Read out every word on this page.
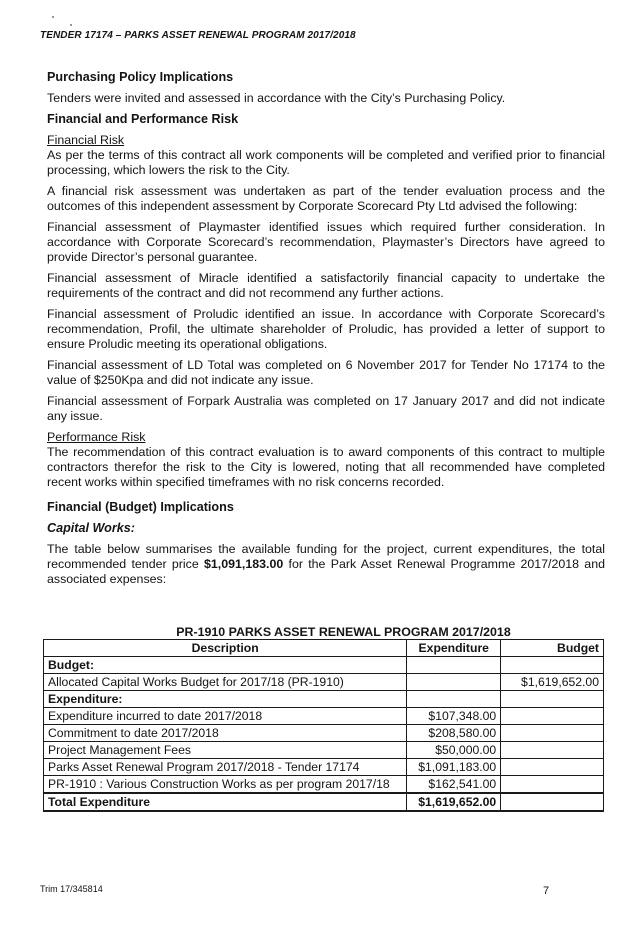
TENDER 17174 – PARKS ASSET RENEWAL PROGRAM 2017/2018
Purchasing Policy Implications

Tenders were invited and assessed in accordance with the City’s Purchasing Policy.

Financial and Performance Risk
Financial Risk

As per the terms of this contract all work components will be completed and verified prior to financial processing, which lowers the risk to the City.

A financial risk assessment was undertaken as part of the tender evaluation process and the outcomes of this independent assessment by Corporate Scorecard Pty Ltd advised the following:

Financial assessment of Playmaster identified issues which required further consideration. In accordance with Corporate Scorecard’s recommendation, Playmaster’s Directors have agreed to provide Director’s personal guarantee.

Financial assessment of Miracle identified a satisfactorily financial capacity to undertake the requirements of the contract and did not recommend any further actions.

Financial assessment of Proludic identified an issue. In accordance with Corporate Scorecard’s recommendation, Profil, the ultimate shareholder of Proludic, has provided a letter of support to ensure Proludic meeting its operational obligations.

Financial assessment of LD Total was completed on 6 November 2017 for Tender No 17174 to the value of $250Kpa and did not indicate any issue.

Financial assessment of Forpark Australia was completed on 17 January 2017 and did not indicate any issue.

Performance Risk

The recommendation of this contract evaluation is to award components of this contract to multiple contractors therefor the risk to the City is lowered, noting that all recommended have completed recent works within specified timeframes with no risk concerns recorded.

Financial (Budget) Implications
Capital Works:

The table below summarises the available funding for the project, current expenditures, the total recommended tender price $1,091,183.00 for the Park Asset Renewal Programme 2017/2018 and associated expenses:

PR-1910 PARKS ASSET RENEWAL PROGRAM 2017/2018
Description	Expenditure	Budget
Budget:		
Allocated Capital Works Budget for 2017/18 (PR-1910)		$1,619,652.00
Expenditure:		
Expenditure incurred to date 2017/2018	$107,348.00	
Commitment to date 2017/2018	$208,580.00	
Project Management Fees	$50,000.00	
Parks Asset Renewal Program 2017/2018 - Tender 17174	$1,091,183.00	
PR-1910 : Various Construction Works as per program 2017/18	$162,541.00	
Total Expenditure	$1,619,652.00	
Trim 17/345814	7
